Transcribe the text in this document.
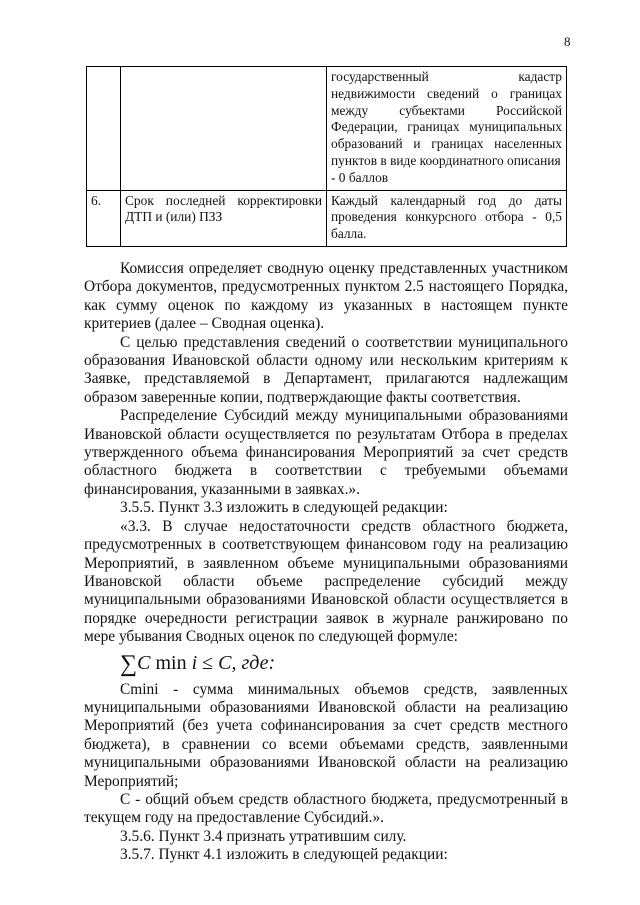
8

		государственный кадастр недвижимости сведений о границах между субъектами Российской Федерации, границах муниципальных образований и границах населенных пунктов в виде координатного описания
- 0 баллов

6.	Срок последней корректировки ДТП и (или) ПЗЗ	Каждый календарный год до даты проведения конкурсного отбора - 0,5 балла.

Комиссия определяет сводную оценку представленных участником Отбора документов, предусмотренных пунктом 2.5 настоящего Порядка, как сумму оценок по каждому из указанных в настоящем пункте критериев (далее – Сводная оценка).

С целью представления сведений о соответствии муниципального образования Ивановской области одному или нескольким критериям к Заявке, представляемой в Департамент, прилагаются надлежащим образом заверенные копии, подтверждающие факты соответствия.

Распределение Субсидий между муниципальными образованиями Ивановской области осуществляется по результатам Отбора в пределах утвержденного объема финансирования Мероприятий за счет средств областного бюджета в соответствии с требуемыми объемами финансирования, указанными в заявках.».

3.5.5. Пункт 3.3 изложить в следующей редакции:

«3.3. В случае недостаточности средств областного бюджета, предусмотренных в соответствующем финансовом году на реализацию Мероприятий, в заявленном объеме муниципальными образованиями Ивановской области объеме распределение субсидий между муниципальными образованиями Ивановской области осуществляется в порядке очередности регистрации заявок в журнале ранжировано по мере убывания Сводных оценок по следующей формуле:

∑C min i ≤ C, где:

Cmini - сумма минимальных объемов средств, заявленных муниципальными образованиями Ивановской области на реализацию Мероприятий (без учета софинансирования за счет средств местного бюджета), в сравнении со всеми объемами средств, заявленными муниципальными образованиями Ивановской области на реализацию Мероприятий;

С - общий объем средств областного бюджета, предусмотренный в текущем году на предоставление Субсидий.».

3.5.6. Пункт 3.4 признать утратившим силу.

3.5.7. Пункт 4.1 изложить в следующей редакции:
